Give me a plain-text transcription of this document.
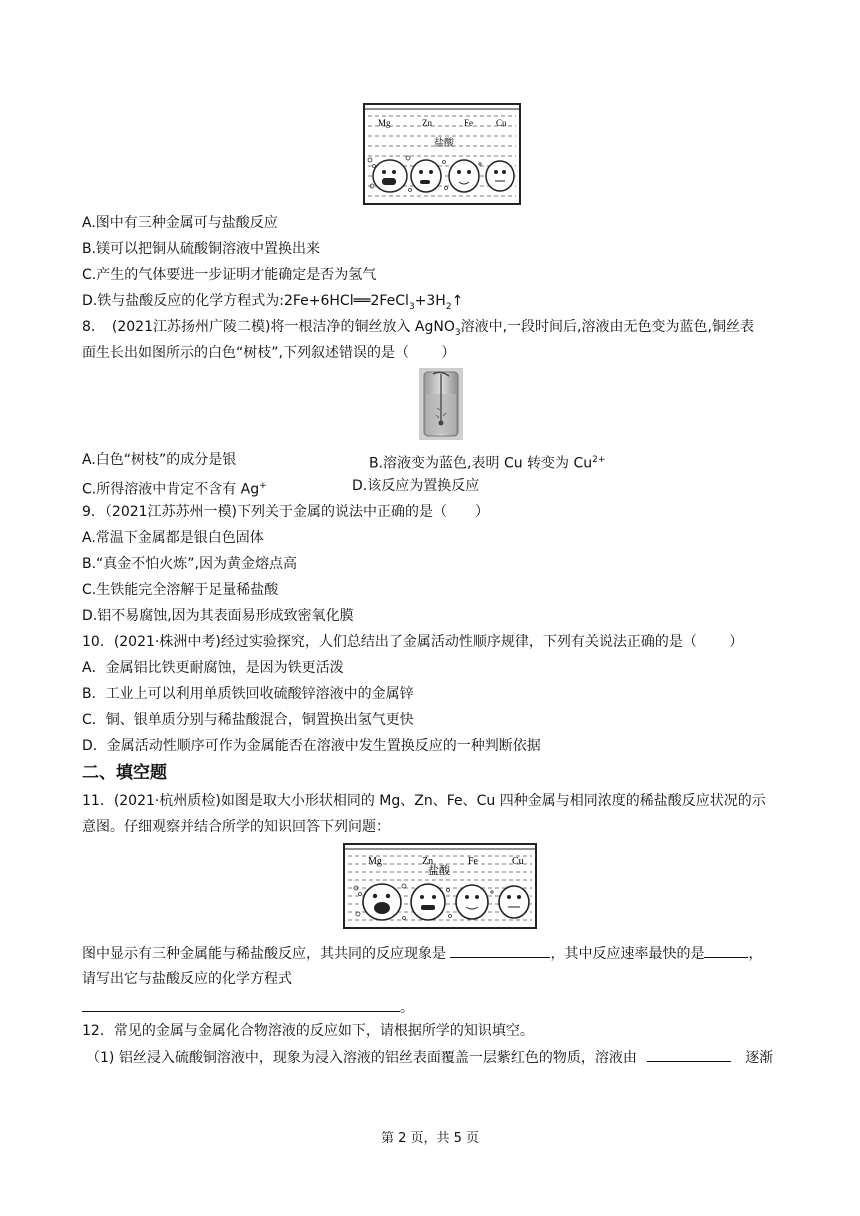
Mg	Zn	Fe	Cu
盐酸
A.图中有三种金属可与盐酸反应
B.镁可以把铜从硫酸铜溶液中置换出来
C.产生的气体要进一步证明才能确定是否为氢气
D.铁与盐酸反应的化学方程式为$:2Fe+6HCl══2FeCl_3+3H_2↑$
8．　(2021江苏扬州广陵二模)将一根洁净的铜丝放入 AgNO$_3$溶液中,一段时间后,溶液由无色变为蓝色,铜丝表
面生长出如图所示的白色“树枝”,下列叙述错误的是（　　 ）
A.白色“树枝”的成分是银	B.溶液变为蓝色,表明 Cu 转变为 $Cu^{2+}$
C.所得溶液中肯定不含有 Ag+	D.该反应为置换反应
9．（2021江苏苏州一模)下列关于金属的说法中正确的是（　　）
A.常温下金属都是银白色固体
B.“真金不怕火炼”,因为黄金熔点高
C.生铁能完全溶解于足量稀盐酸
D.铝不易腐蚀,因为其表面易形成致密氧化膜
10．(2021·株洲中考)经过实验探究，人们总结出了金属活动性顺序规律，下列有关说法正确的是（　　 ）
A．金属铝比铁更耐腐蚀，是因为铁更活泼
B．工业上可以利用单质铁回收硫酸锌溶液中的金属锌
C．铜、银单质分别与稀盐酸混合，铜置换出氢气更快
D．金属活动性顺序可作为金属能否在溶液中发生置换反应的一种判断依据
二、填空题
11．(2021·杭州质检)如图是取大小形状相同的 Mg、Zn、Fe、Cu 四种金属与相同浓度的稀盐酸反应状况的示
意图。仔细观察并结合所学的知识回答下列问题：
Mg	Zn	Fe	Cu
盐酸
图中显示有三种金属能与稀盐酸反应，其共同的反应现象是	，其中反应速率最快的是	，
请写出它与盐酸反应的化学方程式
。
12．常见的金属与金属化合物溶液的反应如下，请根据所学的知识填空。
（1) 铝丝浸入硫酸铜溶液中，现象为浸入溶液的铝丝表面覆盖一层紫红色的物质，溶液由	逐渐
第 2 页，共 5 页
